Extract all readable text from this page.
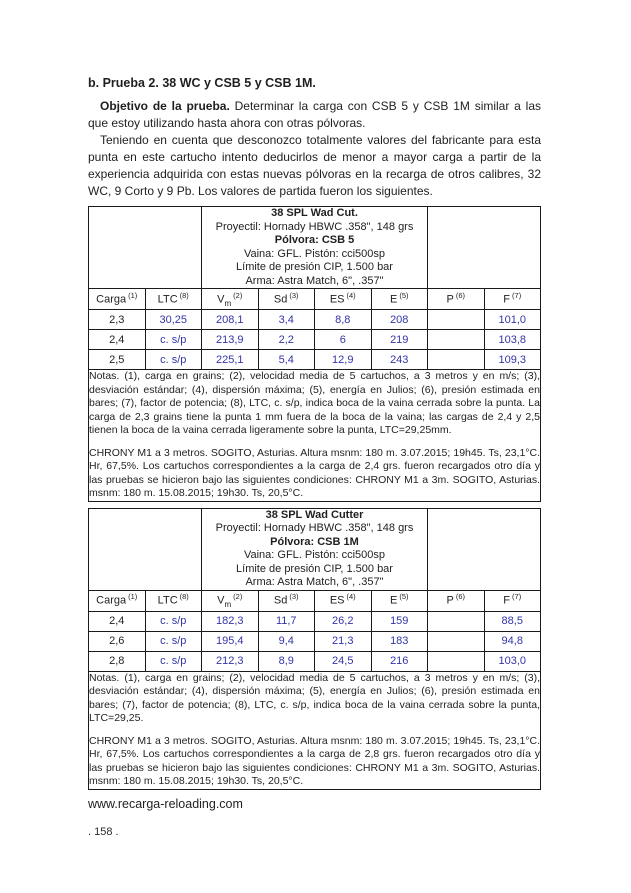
b. Prueba 2. 38 WC y CSB 5 y CSB 1M.

Objetivo de la prueba. Determinar la carga con CSB 5 y CSB 1M similar a las que estoy utilizando hasta ahora con otras pólvoras.

Teniendo en cuenta que desconozco totalmente valores del fabricante para esta punta en este cartucho intento deducirlos de menor a mayor carga a partir de la experiencia adquirida con estas nuevas pólvoras en la recarga de otros calibres, 32 WC, 9 Corto y 9 Pb. Los valores de partida fueron los siguientes.

38 SPL Wad Cut.
Proyectil: Hornady HBWC .358", 148 grs
Pólvora: CSB 5
Vaina: GFL. Pistón: cci500sp
Límite de presión CIP, 1.500 bar
Arma: Astra Match, 6", .357"

Carga $^{(1)}$	LTC $^{(8)}$	$V_m^{(2)}$	Sd $^{(3)}$	ES $^{(4)}$	E $^{(5)}$	P $^{(6)}$	F $^{(7)}$
2,3	30,25	208,1	3,4	8,8	208		101,0
2,4	c. s/p	213,9	2,2	6	219		103,8
2,5	c. s/p	225,1	5,4	12,9	243		109,3

Notas. (1), carga en grains; (2), velocidad media de 5 cartuchos, a 3 metros y en m/s; (3), desviación estándar; (4), dispersión máxima; (5), energía en Julios; (6), presión estimada en bares; (7), factor de potencia; (8), LTC, c. s/p, indica boca de la vaina cerrada sobre la punta. La carga de 2,3 grains tiene la punta 1 mm fuera de la boca de la vaina; las cargas de 2,4 y 2,5 tienen la boca de la vaina cerrada ligeramente sobre la punta, LTC=29,25mm.

CHRONY M1 a 3 metros. SOGITO, Asturias. Altura msnm: 180 m. 3.07.2015; 19h45. Ts, 23,1°C. Hr, 67,5%. Los cartuchos correspondientes a la carga de 2,4 grs. fueron recargados otro día y las pruebas se hicieron bajo las siguientes condiciones: CHRONY M1 a 3m. SOGITO, Asturias. msnm: 180 m. 15.08.2015; 19h30. Ts, 20,5°C.							

38 SPL Wad Cutter
Proyectil: Hornady HBWC .358", 148 grs
Pólvora: CSB 1M
Vaina: GFL. Pistón: cci500sp
Límite de presión CIP, 1.500 bar
Arma: Astra Match, 6", .357"

Carga $^{(1)}$	LTC $^{(8)}$	$V_m^{(2)}$	Sd $^{(3)}$	ES $^{(4)}$	E $^{(5)}$	P $^{(6)}$	F $^{(7)}$
2,4	c. s/p	182,3	11,7	26,2	159		88,5
2,6	c. s/p	195,4	9,4	21,3	183		94,8
2,8	c. s/p	212,3	8,9	24,5	216		103,0

Notas. (1), carga en grains; (2), velocidad media de 5 cartuchos, a 3 metros y en m/s; (3), desviación estándar; (4), dispersión máxima; (5), energía en Julios; (6), presión estimada en bares; (7), factor de potencia; (8), LTC, c. s/p, indica boca de la vaina cerrada sobre la punta, LTC=29,25.

CHRONY M1 a 3 metros. SOGITO, Asturias. Altura msnm: 180 m. 3.07.2015; 19h45. Ts, 23,1°C. Hr, 67,5%. Los cartuchos correspondientes a la carga de 2,8 grs. fueron recargados otro día y las pruebas se hicieron bajo las siguientes condiciones: CHRONY M1 a 3m. SOGITO, Asturias. msnm: 180 m. 15.08.2015; 19h30. Ts, 20,5°C.							

www.recarga-reloading.com
. 158 .
